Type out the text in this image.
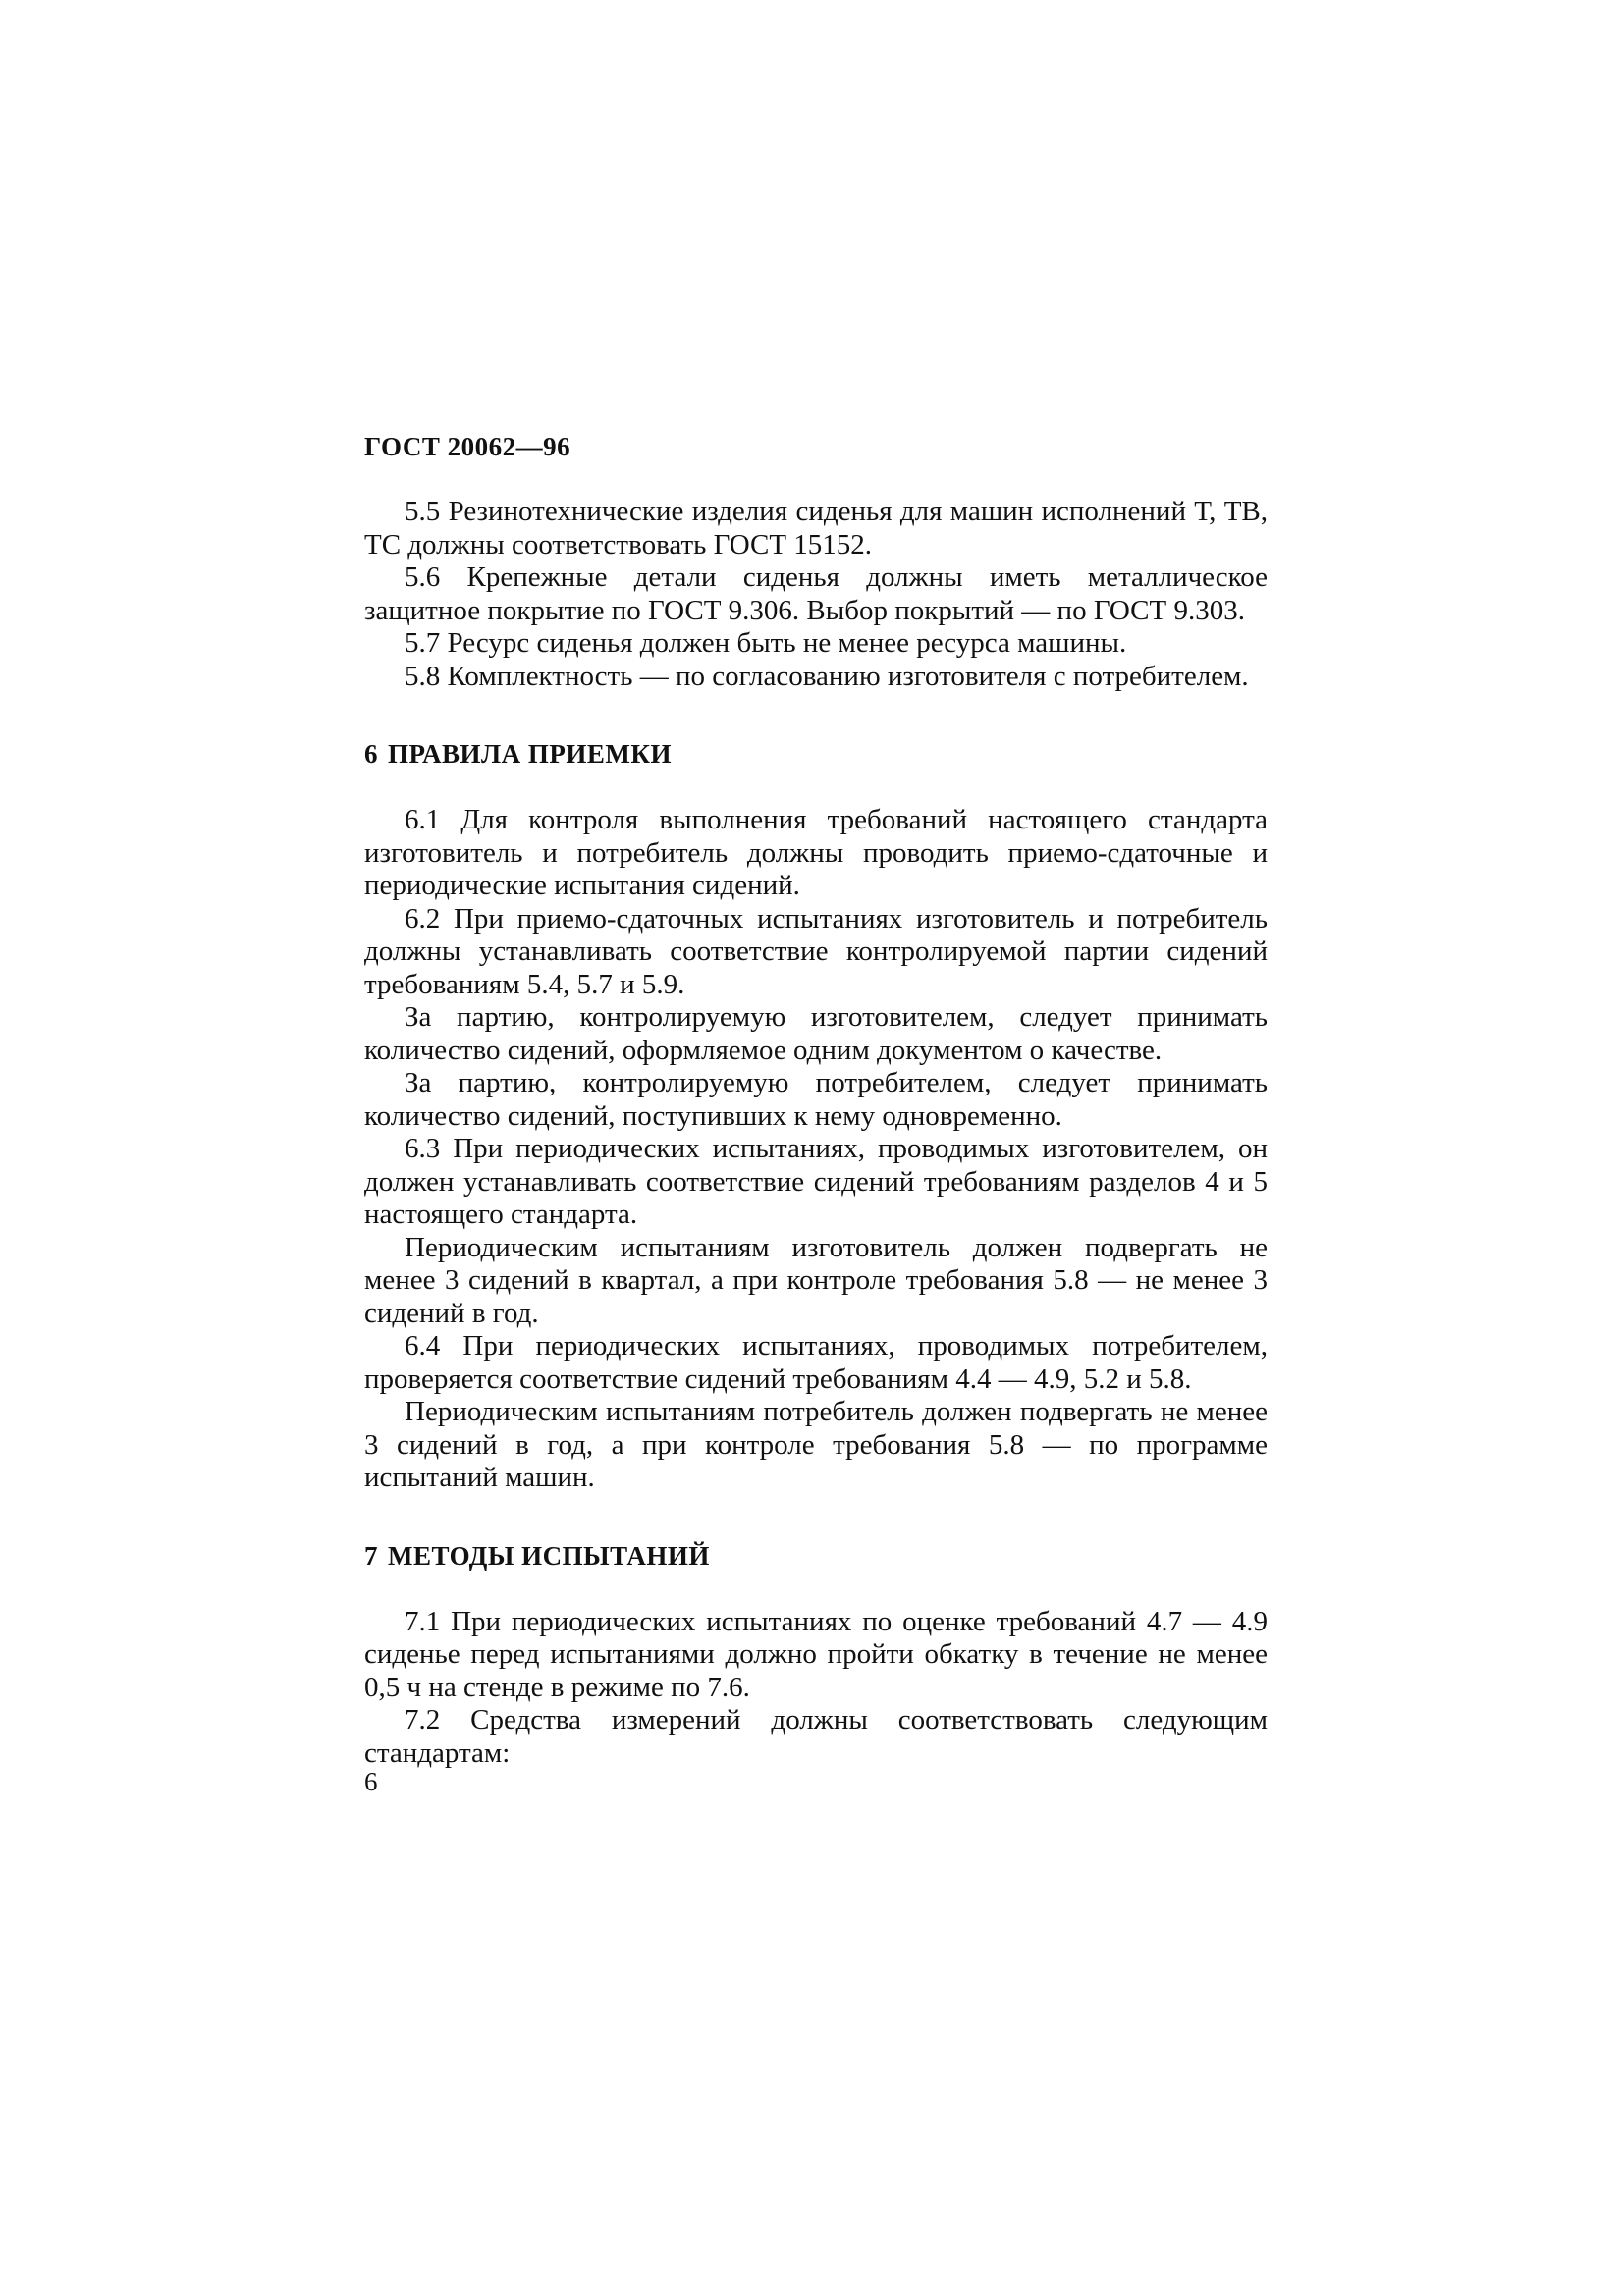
ГОСТ 20062—96

5.5 Резинотехнические изделия сиденья для машин исполнений Т, ТВ, ТС должны соответствовать ГОСТ 15152.

5.6 Крепежные детали сиденья должны иметь металлическое защитное покрытие по ГОСТ 9.306. Выбор покрытий — по ГОСТ 9.303.

5.7 Ресурс сиденья должен быть не менее ресурса машины.

5.8 Комплектность — по согласованию изготовителя с потребителем.

6 ПРАВИЛА ПРИЕМКИ

6.1 Для контроля выполнения требований настоящего стандарта изготовитель и потребитель должны проводить приемо-сдаточные и периодические испытания сидений.

6.2 При приемо-сдаточных испытаниях изготовитель и потребитель должны устанавливать соответствие контролируемой партии сидений требованиям 5.4, 5.7 и 5.9.

За партию, контролируемую изготовителем, следует принимать количество сидений, оформляемое одним документом о качестве.

За партию, контролируемую потребителем, следует принимать количество сидений, поступивших к нему одновременно.

6.3 При периодических испытаниях, проводимых изготовителем, он должен устанавливать соответствие сидений требованиям разделов 4 и 5 настоящего стандарта.

Периодическим испытаниям изготовитель должен подвергать не менее 3 сидений в квартал, а при контроле требования 5.8 — не менее 3 сидений в год.

6.4 При периодических испытаниях, проводимых потребителем, проверяется соответствие сидений требованиям 4.4 — 4.9, 5.2 и 5.8.

Периодическим испытаниям потребитель должен подвергать не менее 3 сидений в год, а при контроле требования 5.8 — по программе испытаний машин.

7 МЕТОДЫ ИСПЫТАНИЙ

7.1 При периодических испытаниях по оценке требований 4.7 — 4.9 сиденье перед испытаниями должно пройти обкатку в течение не менее 0,5 ч на стенде в режиме по 7.6.

7.2 Средства измерений должны соответствовать следующим стандартам:

6
